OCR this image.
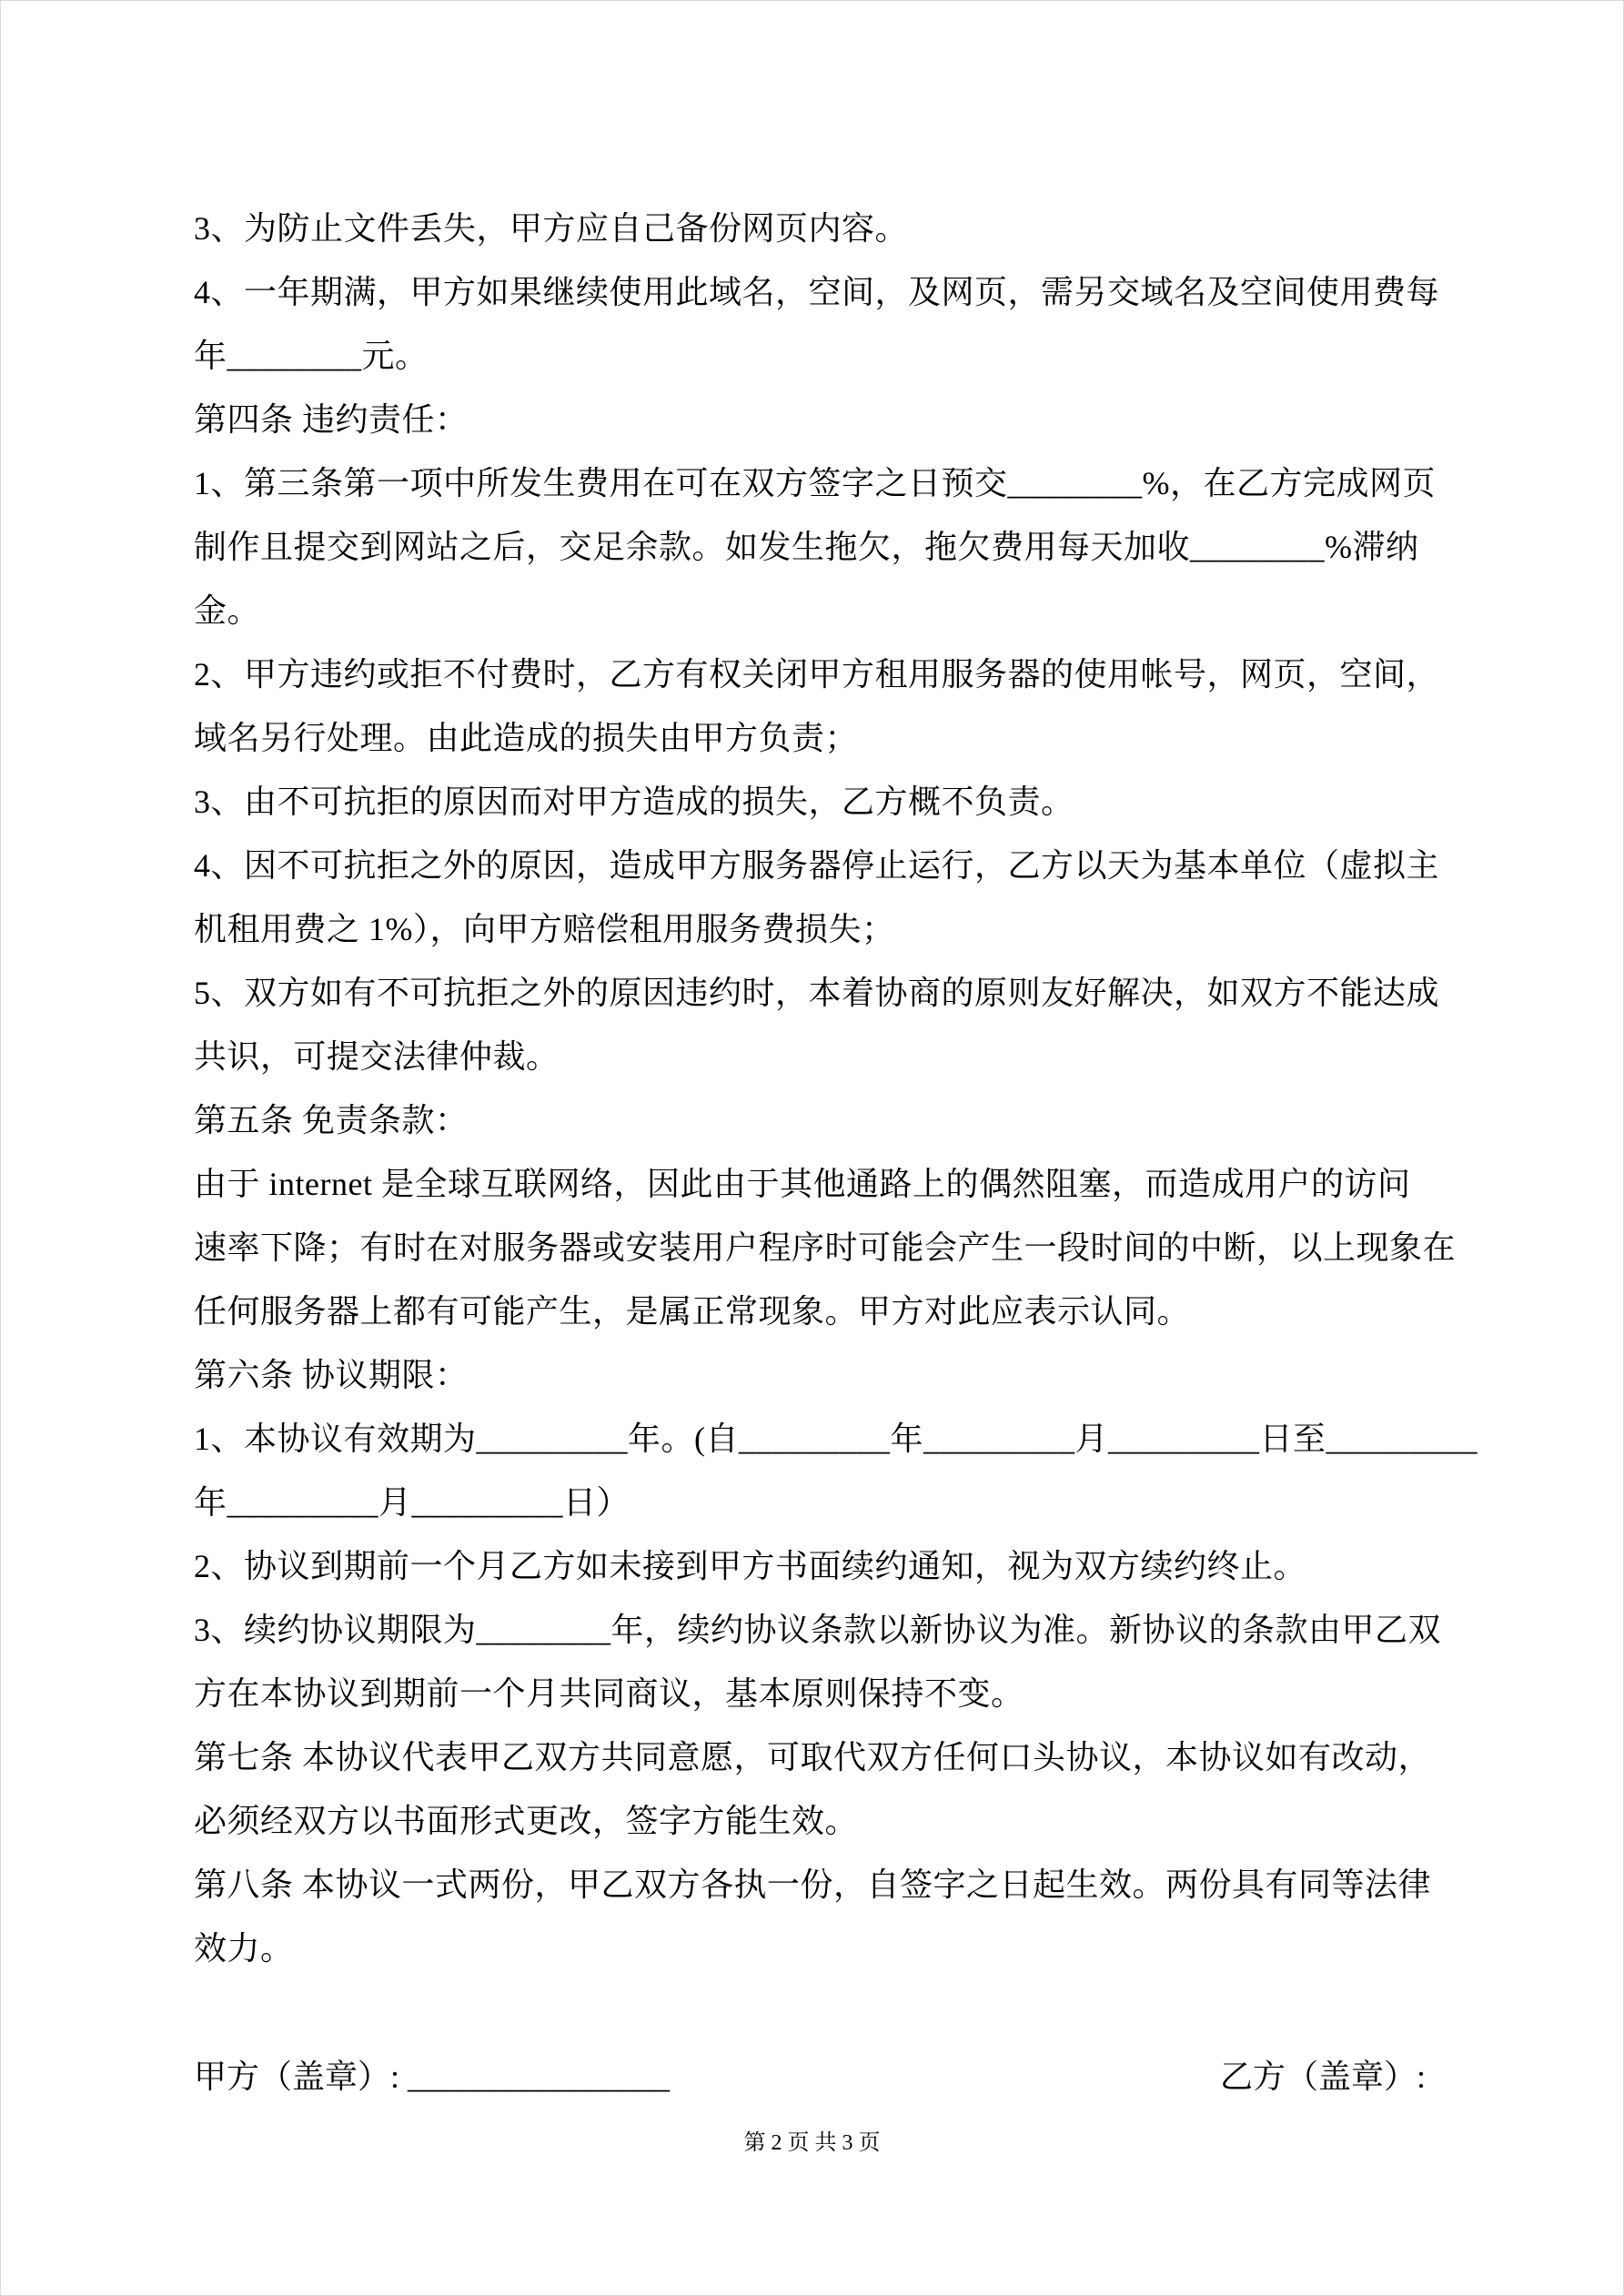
3、为防止文件丢失，甲方应自己备份网页内容。
4、一年期满，甲方如果继续使用此域名，空间，及网页，需另交域名及空间使用费每
年________元。
第四条 违约责任：
1、第三条第一项中所发生费用在可在双方签字之日预交________%，在乙方完成网页
制作且提交到网站之后，交足余款。如发生拖欠，拖欠费用每天加收________%滞纳
金。
2、甲方违约或拒不付费时，乙方有权关闭甲方租用服务器的使用帐号，网页，空间，
域名另行处理。由此造成的损失由甲方负责；
3、由不可抗拒的原因而对甲方造成的损失，乙方概不负责。
4、因不可抗拒之外的原因，造成甲方服务器停止运行，乙方以天为基本单位（虚拟主
机租用费之 1%），向甲方赔偿租用服务费损失；
5、双方如有不可抗拒之外的原因违约时，本着协商的原则友好解决，如双方不能达成
共识，可提交法律仲裁。
第五条 免责条款：
由于 internet 是全球互联网络，因此由于其他通路上的偶然阻塞，而造成用户的访问
速率下降；有时在对服务器或安装用户程序时可能会产生一段时间的中断，以上现象在
任何服务器上都有可能产生，是属正常现象。甲方对此应表示认同。
第六条 协议期限：
1、本协议有效期为_________年。(自_________年_________月_________日至_________
年_________月_________日）
2、协议到期前一个月乙方如未接到甲方书面续约通知，视为双方续约终止。
3、续约协议期限为________年，续约协议条款以新协议为准。新协议的条款由甲乙双
方在本协议到期前一个月共同商议，基本原则保持不变。
第七条 本协议代表甲乙双方共同意愿，可取代双方任何口头协议，本协议如有改动，
必须经双方以书面形式更改，签字方能生效。
第八条 本协议一式两份，甲乙双方各执一份，自签字之日起生效。两份具有同等法律
效力。

甲方（盖章）: ________________

	乙方（盖章）:

第 2 页 共 3 页
